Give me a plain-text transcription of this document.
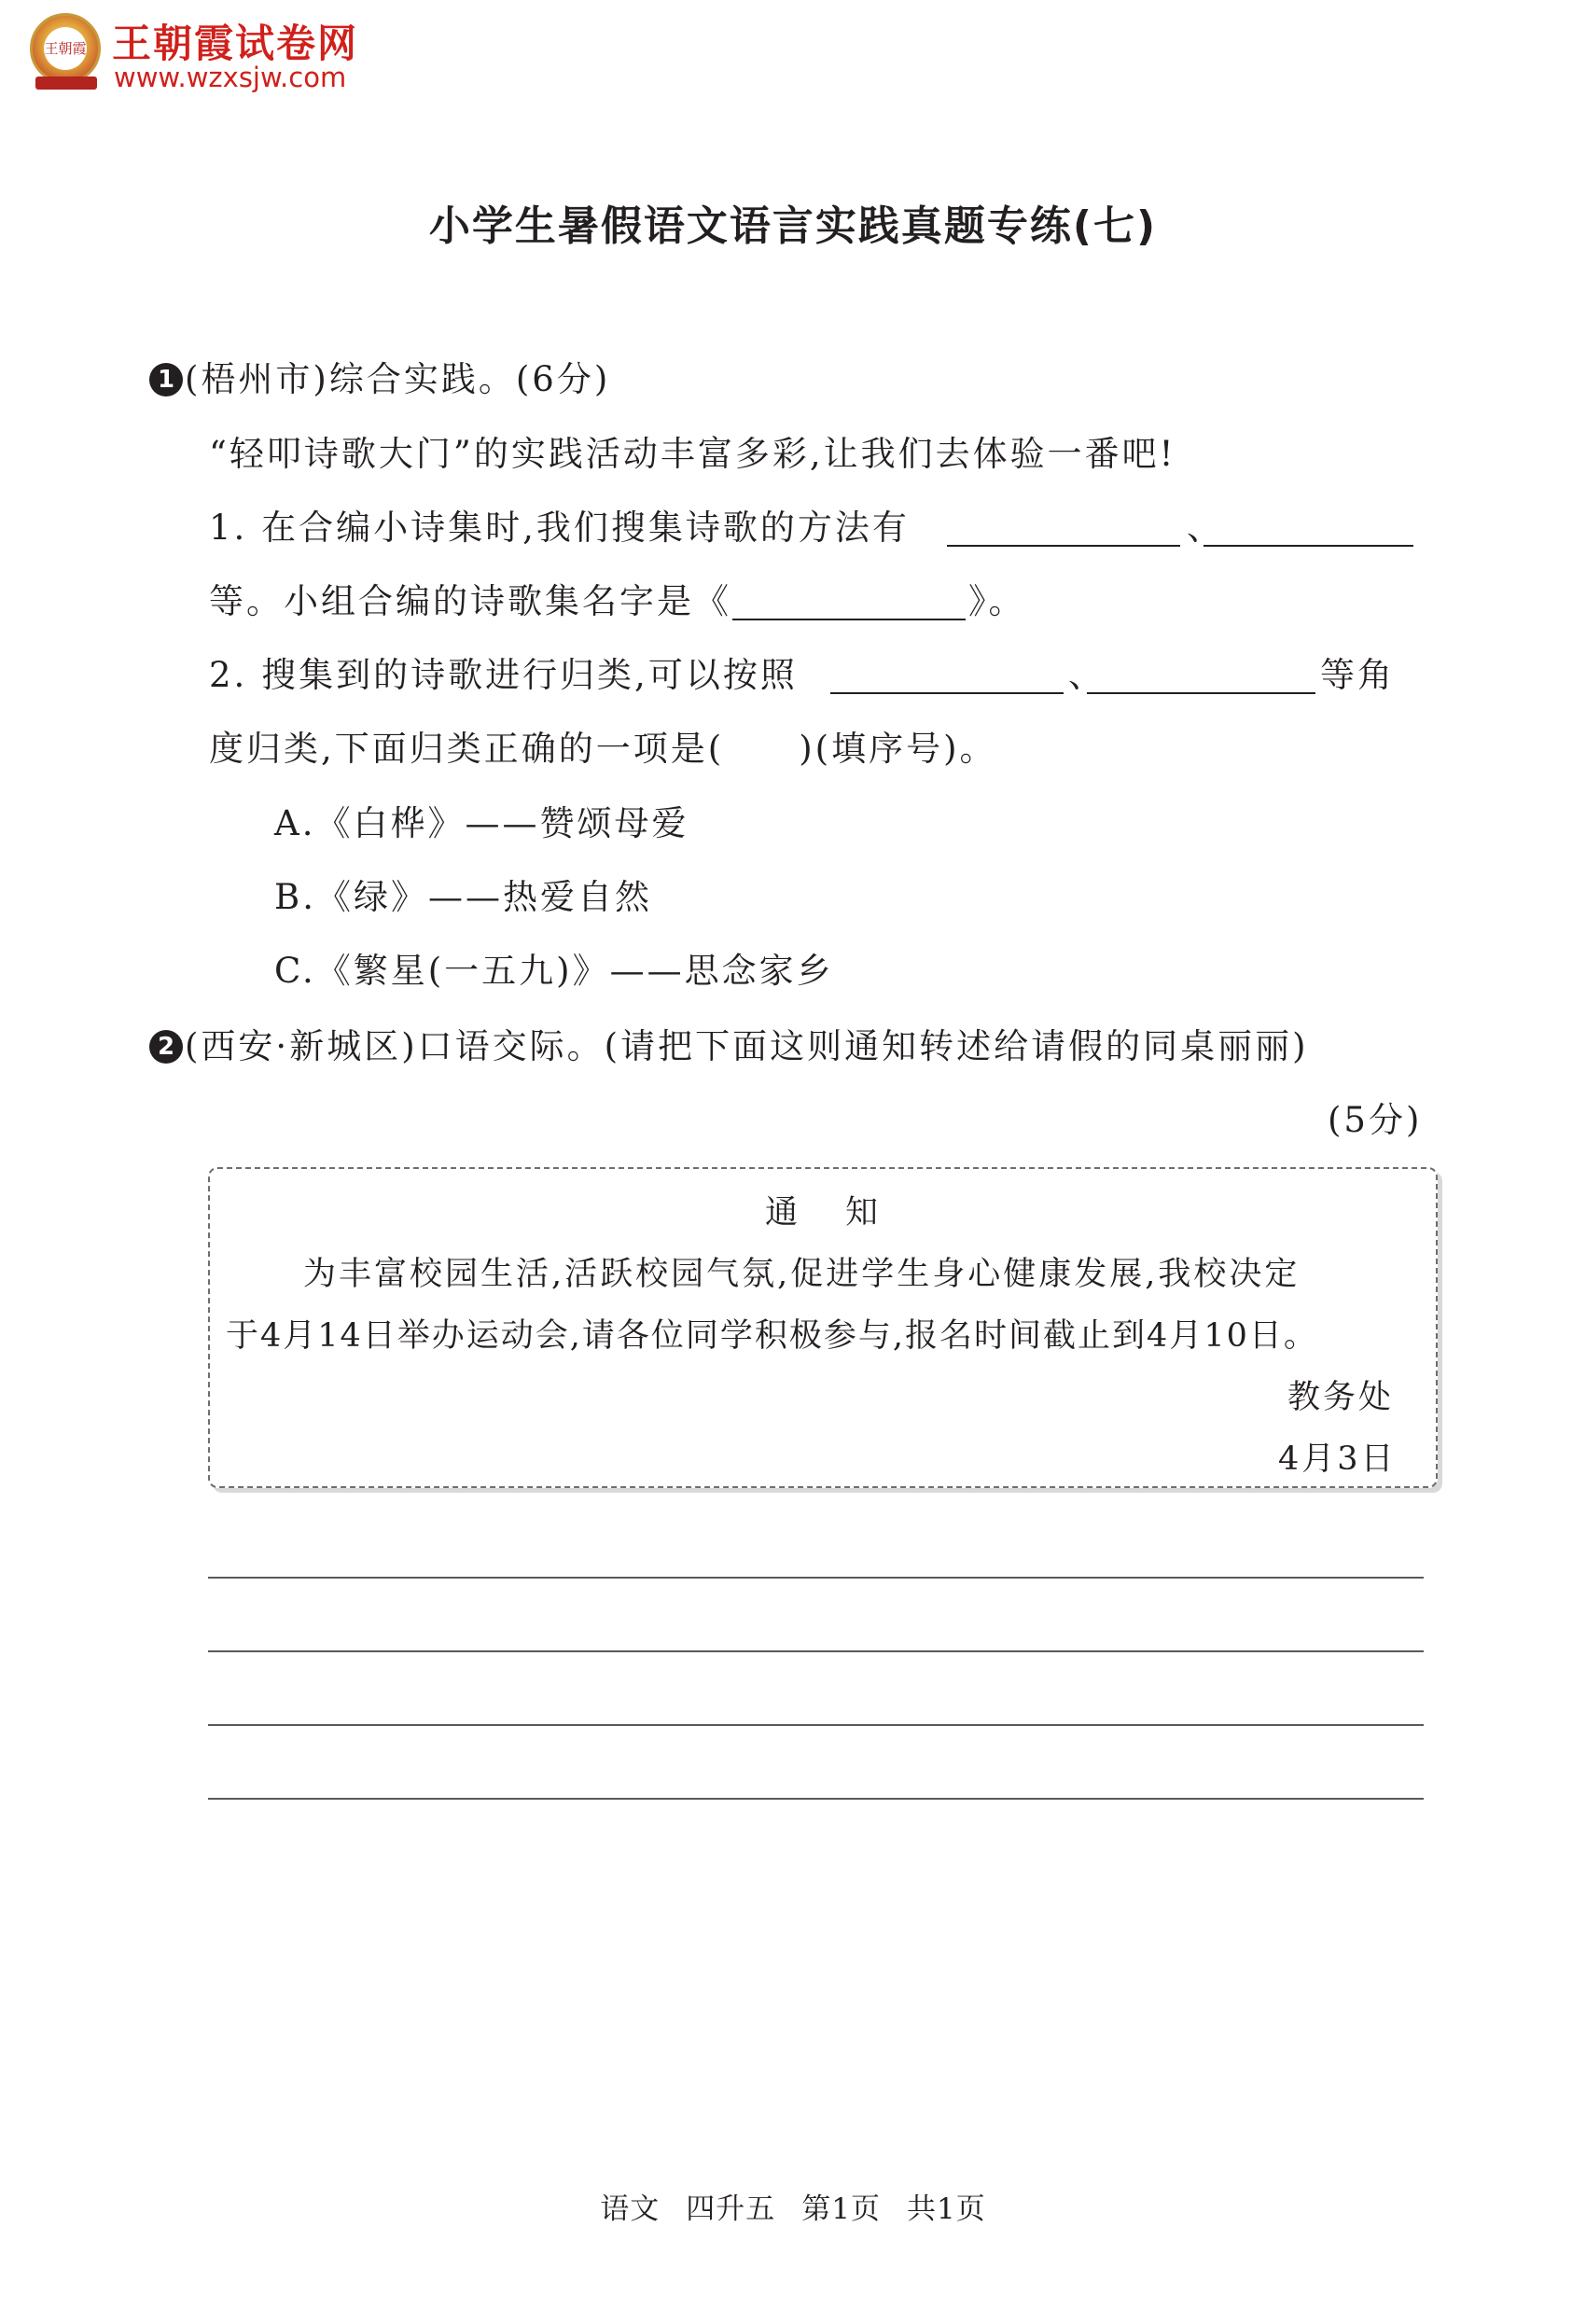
王朝霞 王朝霞试卷网
www.wzxsjw.com
小学生暑假语文语言实践真题专练(七)
1 (梧州市)综合实践。(6分)
“轻叩诗歌大门”的实践活动丰富多彩,让我们去体验一番吧!
1. 在合编小诗集时,我们搜集诗歌的方法有	、
等。小组合编的诗歌集名字是《	》。
2. 搜集到的诗歌进行归类,可以按照	、	等角
度归类,下面归类正确的一项是(　　)(填序号)。
A.《白桦》——赞颂母爱
B.《绿》——热爱自然
C.《繁星(一五九)》——思念家乡
2 (西安·新城区)口语交际。(请把下面这则通知转述给请假的同桌丽丽)
(5分)
通　知
为丰富校园生活,活跃校园气氛,促进学生身心健康发展,我校决定
于4月14日举办运动会,请各位同学积极参与,报名时间截止到4月10日。
教务处
4月3日
语文 四升五 第1页 共1页
